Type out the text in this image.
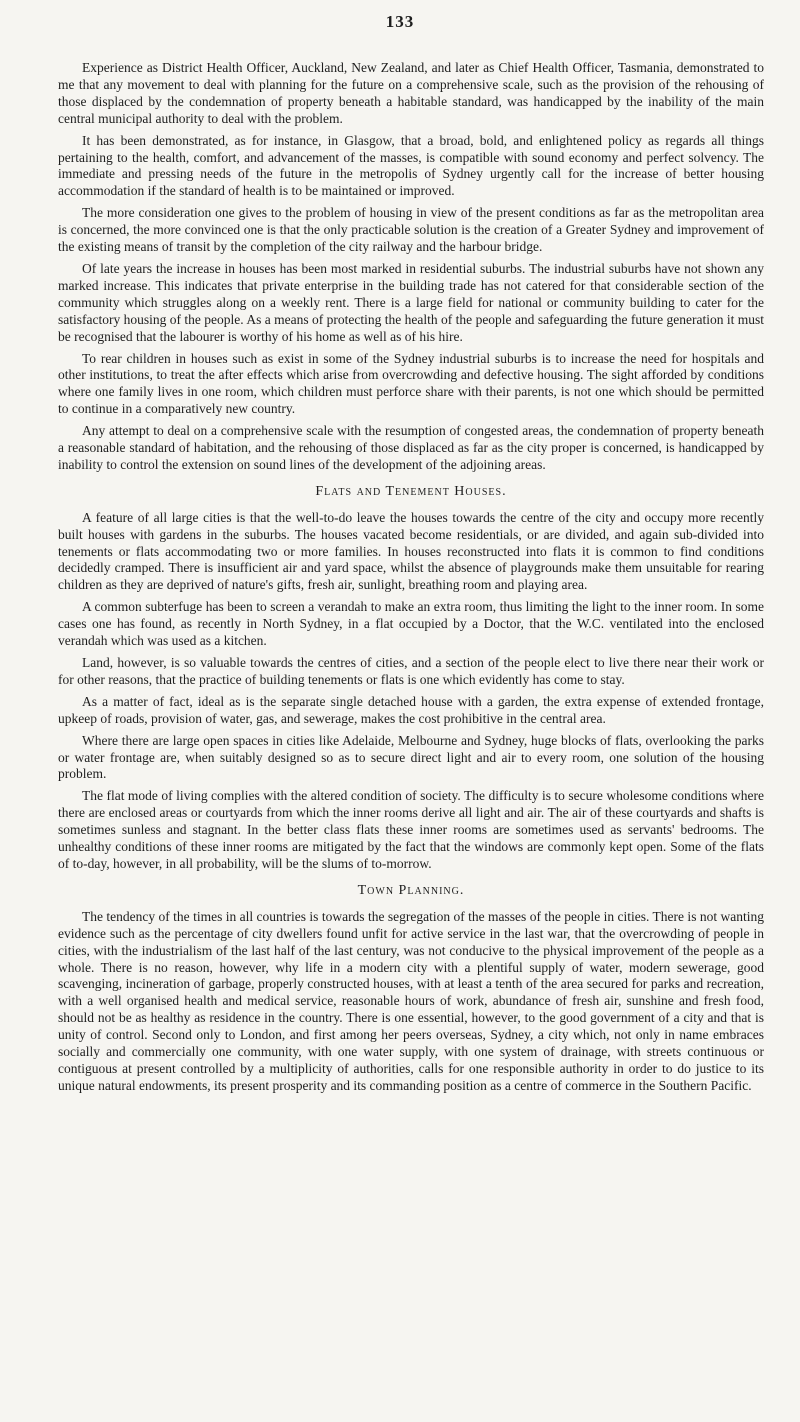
133

Experience as District Health Officer, Auckland, New Zealand, and later as Chief Health Officer, Tasmania, demonstrated to me that any movement to deal with planning for the future on a comprehensive scale, such as the provision of the rehousing of those displaced by the condemnation of property beneath a habitable standard, was handicapped by the inability of the main central municipal authority to deal with the problem.

It has been demonstrated, as for instance, in Glasgow, that a broad, bold, and enlightened policy as regards all things pertaining to the health, comfort, and advancement of the masses, is compatible with sound economy and perfect solvency. The immediate and pressing needs of the future in the metropolis of Sydney urgently call for the increase of better housing accommodation if the standard of health is to be maintained or improved.

The more consideration one gives to the problem of housing in view of the present conditions as far as the metropolitan area is concerned, the more convinced one is that the only practicable solution is the creation of a Greater Sydney and improvement of the existing means of transit by the completion of the city railway and the harbour bridge.

Of late years the increase in houses has been most marked in residential suburbs. The industrial suburbs have not shown any marked increase. This indicates that private enterprise in the building trade has not catered for that considerable section of the community which struggles along on a weekly rent. There is a large field for national or community building to cater for the satisfactory housing of the people. As a means of protecting the health of the people and safeguarding the future generation it must be recognised that the labourer is worthy of his home as well as of his hire.

To rear children in houses such as exist in some of the Sydney industrial suburbs is to increase the need for hospitals and other institutions, to treat the after effects which arise from overcrowding and defective housing. The sight afforded by conditions where one family lives in one room, which children must perforce share with their parents, is not one which should be permitted to continue in a comparatively new country.

Any attempt to deal on a comprehensive scale with the resumption of congested areas, the condemnation of property beneath a reasonable standard of habitation, and the rehousing of those displaced as far as the city proper is concerned, is handicapped by inability to control the extension on sound lines of the development of the adjoining areas.

Flats and Tenement Houses.

A feature of all large cities is that the well-to-do leave the houses towards the centre of the city and occupy more recently built houses with gardens in the suburbs. The houses vacated become residentials, or are divided, and again sub-divided into tenements or flats accommodating two or more families. In houses reconstructed into flats it is common to find conditions decidedly cramped. There is insufficient air and yard space, whilst the absence of playgrounds make them unsuitable for rearing children as they are deprived of nature's gifts, fresh air, sunlight, breathing room and playing area.

A common subterfuge has been to screen a verandah to make an extra room, thus limiting the light to the inner room. In some cases one has found, as recently in North Sydney, in a flat occupied by a Doctor, that the W.C. ventilated into the enclosed verandah which was used as a kitchen.

Land, however, is so valuable towards the centres of cities, and a section of the people elect to live there near their work or for other reasons, that the practice of building tenements or flats is one which evidently has come to stay.

As a matter of fact, ideal as is the separate single detached house with a garden, the extra expense of extended frontage, upkeep of roads, provision of water, gas, and sewerage, makes the cost prohibitive in the central area.

Where there are large open spaces in cities like Adelaide, Melbourne and Sydney, huge blocks of flats, overlooking the parks or water frontage are, when suitably designed so as to secure direct light and air to every room, one solution of the housing problem.

The flat mode of living complies with the altered condition of society. The difficulty is to secure wholesome conditions where there are enclosed areas or courtyards from which the inner rooms derive all light and air. The air of these courtyards and shafts is sometimes sunless and stagnant. In the better class flats these inner rooms are sometimes used as servants' bedrooms. The unhealthy conditions of these inner rooms are mitigated by the fact that the windows are commonly kept open. Some of the flats of to-day, however, in all probability, will be the slums of to-morrow.

Town Planning.

The tendency of the times in all countries is towards the segregation of the masses of the people in cities. There is not wanting evidence such as the percentage of city dwellers found unfit for active service in the last war, that the overcrowding of people in cities, with the industrialism of the last half of the last century, was not conducive to the physical improvement of the people as a whole. There is no reason, however, why life in a modern city with a plentiful supply of water, modern sewerage, good scavenging, incineration of garbage, properly constructed houses, with at least a tenth of the area secured for parks and recreation, with a well organised health and medical service, reasonable hours of work, abundance of fresh air, sunshine and fresh food, should not be as healthy as residence in the country. There is one essential, however, to the good government of a city and that is unity of control. Second only to London, and first among her peers overseas, Sydney, a city which, not only in name embraces socially and commercially one community, with one water supply, with one system of drainage, with streets continuous or contiguous at present controlled by a multiplicity of authorities, calls for one responsible authority in order to do justice to its unique natural endowments, its present prosperity and its commanding position as a centre of commerce in the Southern Pacific.
